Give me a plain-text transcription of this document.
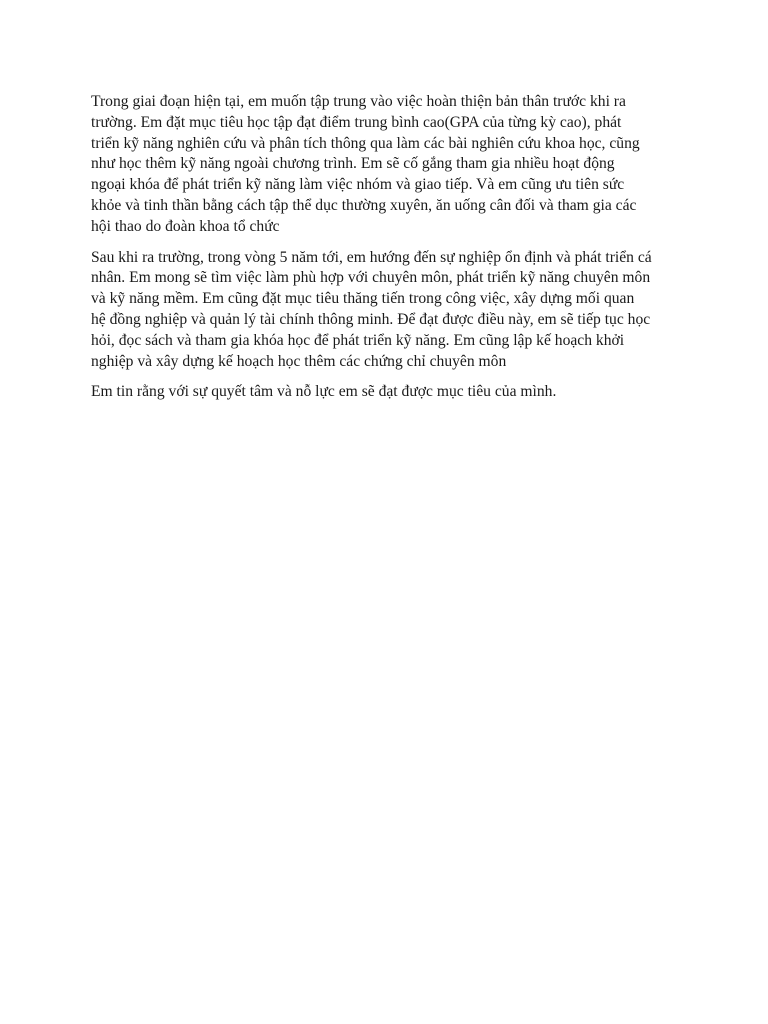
Trong giai đoạn hiện tại, em muốn tập trung vào việc hoàn thiện bản thân trước khi ra
trường. Em đặt mục tiêu học tập đạt điểm trung bình cao(GPA của từng kỳ cao), phát
triển kỹ năng nghiên cứu và phân tích thông qua làm các bài nghiên cứu khoa học, cũng
như học thêm kỹ năng ngoài chương trình. Em sẽ cố gắng tham gia nhiều hoạt động
ngoại khóa để phát triển kỹ năng làm việc nhóm và giao tiếp. Và em cũng ưu tiên sức
khỏe và tinh thần bằng cách tập thể dục thường xuyên, ăn uống cân đối và tham gia các
hội thao do đoàn khoa tổ chức

Sau khi ra trường, trong vòng 5 năm tới, em hướng đến sự nghiệp ổn định và phát triển cá
nhân. Em mong sẽ tìm việc làm phù hợp với chuyên môn, phát triển kỹ năng chuyên môn
và kỹ năng mềm. Em cũng đặt mục tiêu thăng tiến trong công việc, xây dựng mối quan
hệ đồng nghiệp và quản lý tài chính thông minh. Để đạt được điều này, em sẽ tiếp tục học
hỏi, đọc sách và tham gia khóa học để phát triển kỹ năng. Em cũng lập kế hoạch khởi
nghiệp và xây dựng kế hoạch học thêm các chứng chỉ chuyên môn

Em tin rằng với sự quyết tâm và nỗ lực em sẽ đạt được mục tiêu của mình.
